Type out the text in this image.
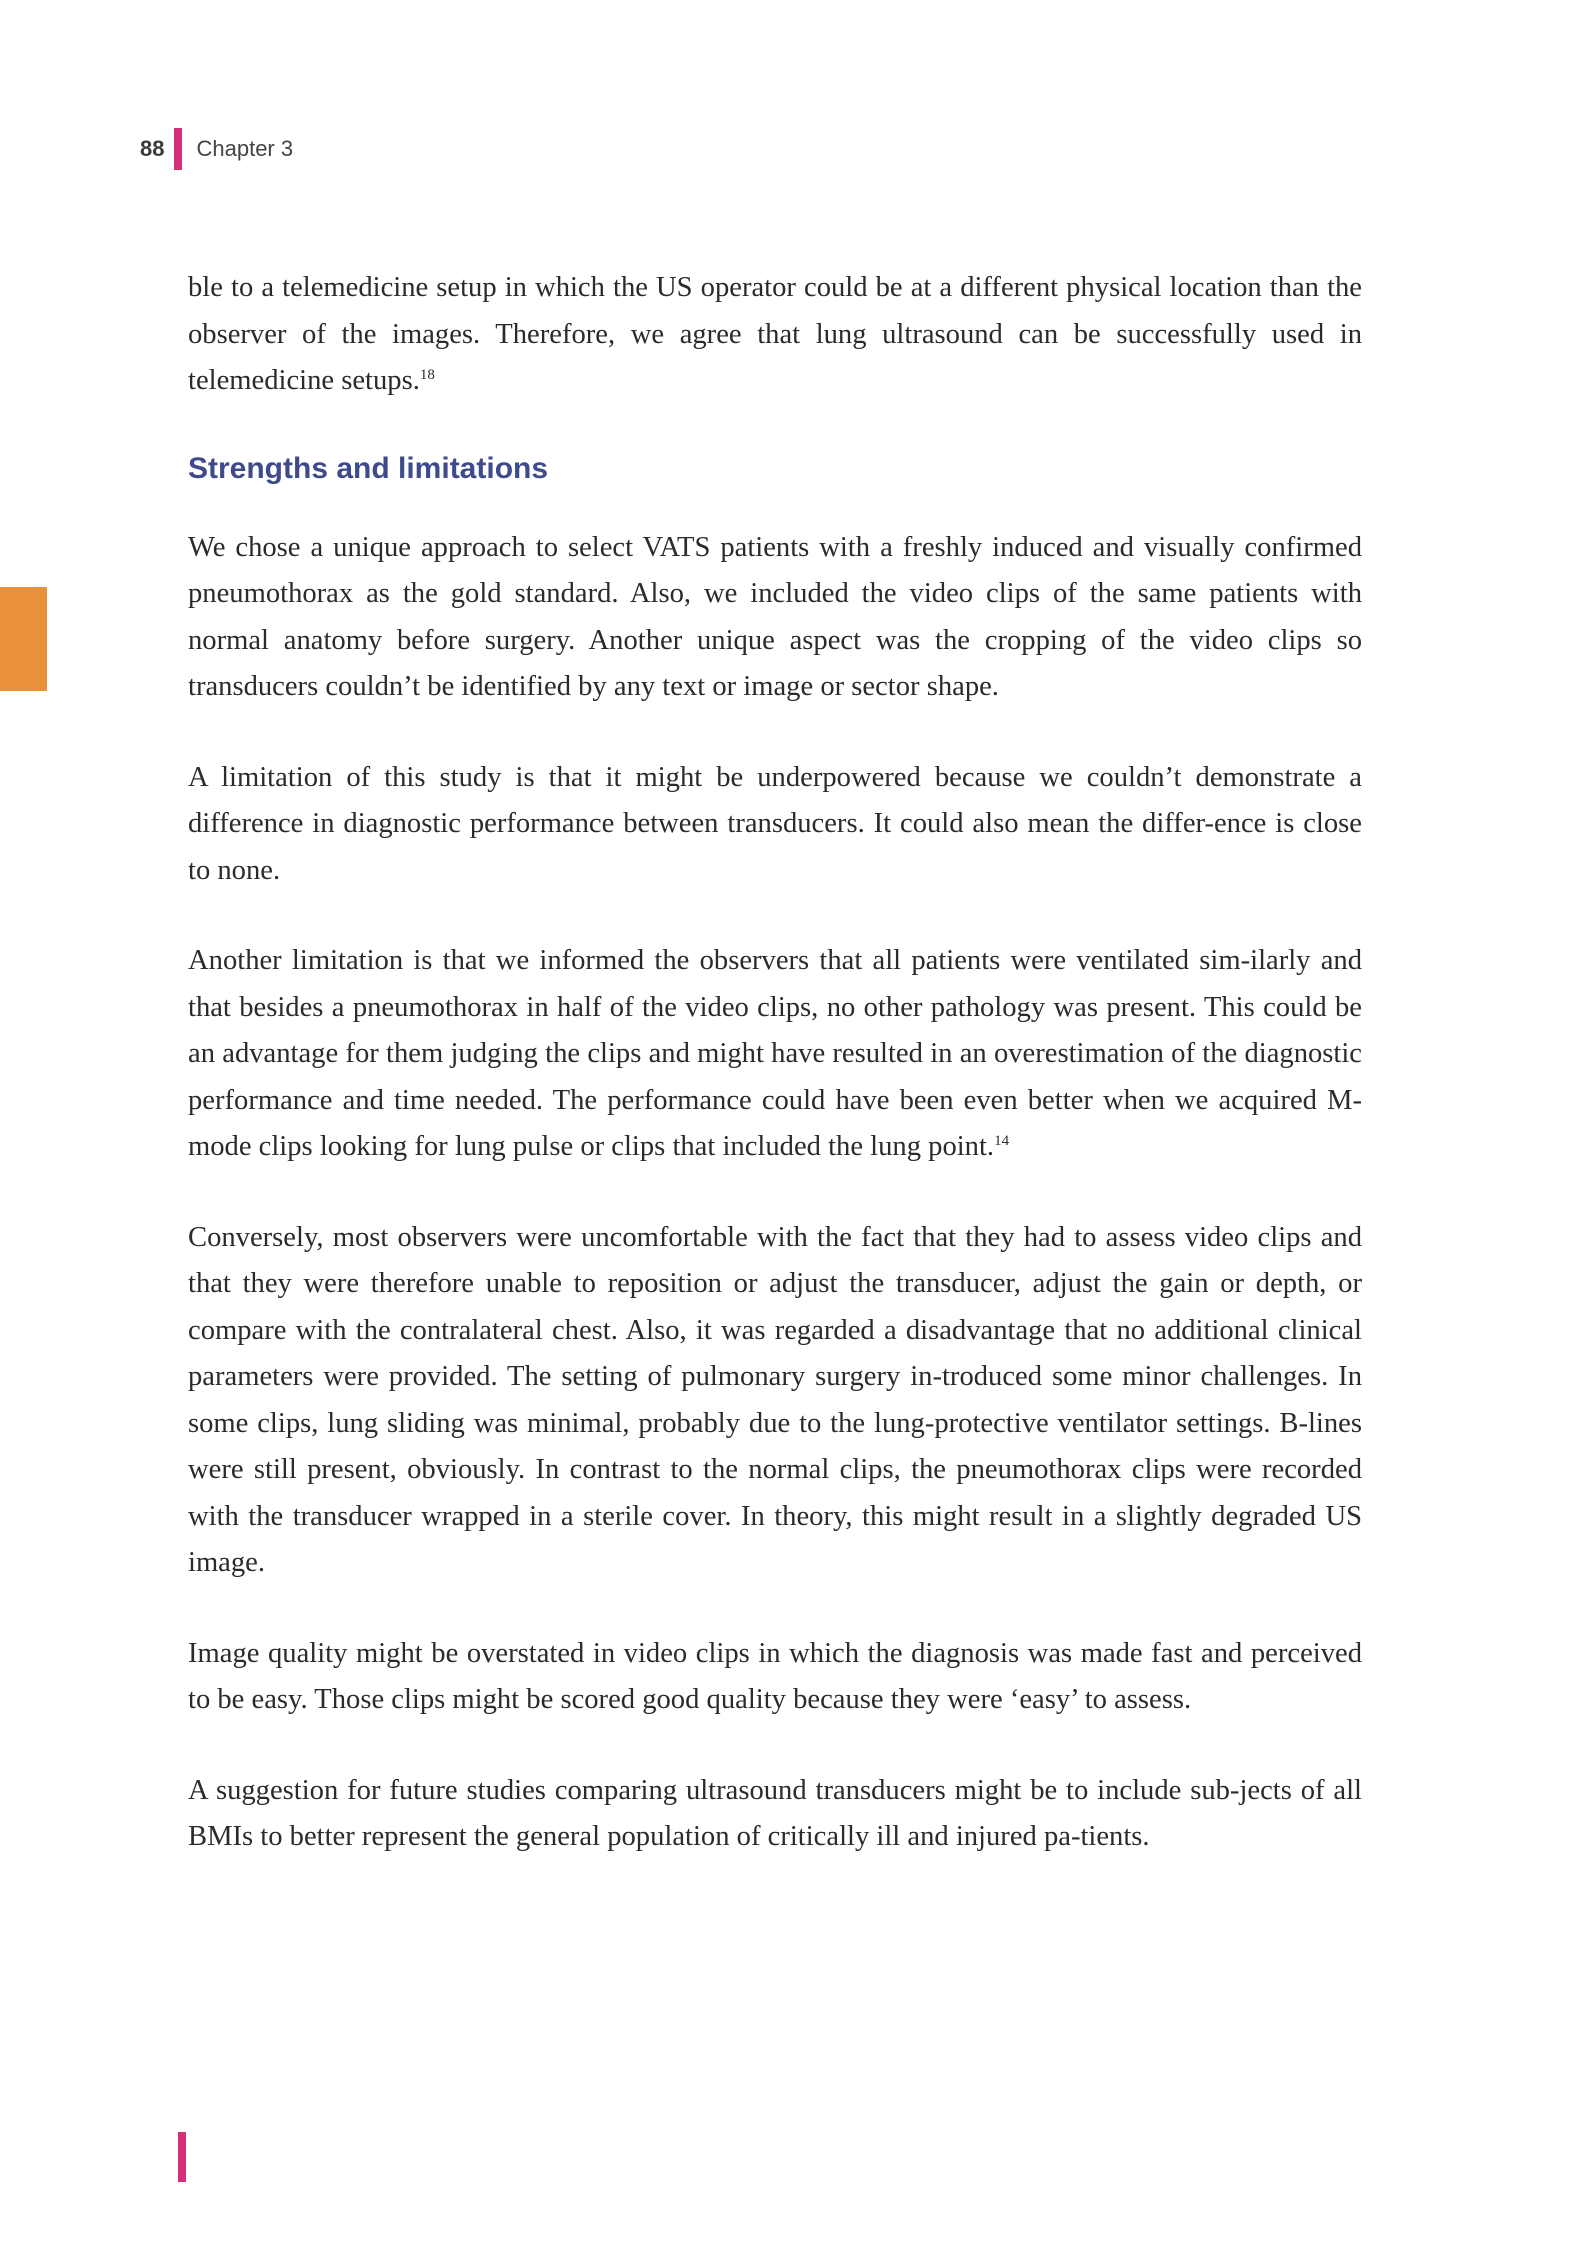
88 Chapter 3

ble to a telemedicine setup in which the US operator could be at a different physical location than the observer of the images. Therefore, we agree that lung ultrasound can be successfully used in telemedicine setups.$^{18}$

Strengths and limitations

We chose a unique approach to select VATS patients with a freshly induced and visually confirmed pneumothorax as the gold standard. Also, we included the video clips of the same patients with normal anatomy before surgery. Another unique aspect was the cropping of the video clips so transducers couldn’t be identified by any text or image or sector shape.

A limitation of this study is that it might be underpowered because we couldn’t demonstrate a difference in diagnostic performance between transducers. It could also mean the differ-ence is close to none.

Another limitation is that we informed the observers that all patients were ventilated sim-ilarly and that besides a pneumothorax in half of the video clips, no other pathology was present. This could be an advantage for them judging the clips and might have resulted in an overestimation of the diagnostic performance and time needed. The performance could have been even better when we acquired M-mode clips looking for lung pulse or clips that included the lung point.$^{14}$

Conversely, most observers were uncomfortable with the fact that they had to assess video clips and that they were therefore unable to reposition or adjust the transducer, adjust the gain or depth, or compare with the contralateral chest. Also, it was regarded a disadvantage that no additional clinical parameters were provided. The setting of pulmonary surgery in-troduced some minor challenges. In some clips, lung sliding was minimal, probably due to the lung-protective ventilator settings. B-lines were still present, obviously. In contrast to the normal clips, the pneumothorax clips were recorded with the transducer wrapped in a sterile cover. In theory, this might result in a slightly degraded US image.

Image quality might be overstated in video clips in which the diagnosis was made fast and perceived to be easy. Those clips might be scored good quality because they were ‘easy’ to assess.

A suggestion for future studies comparing ultrasound transducers might be to include sub-jects of all BMIs to better represent the general population of critically ill and injured pa-tients.
